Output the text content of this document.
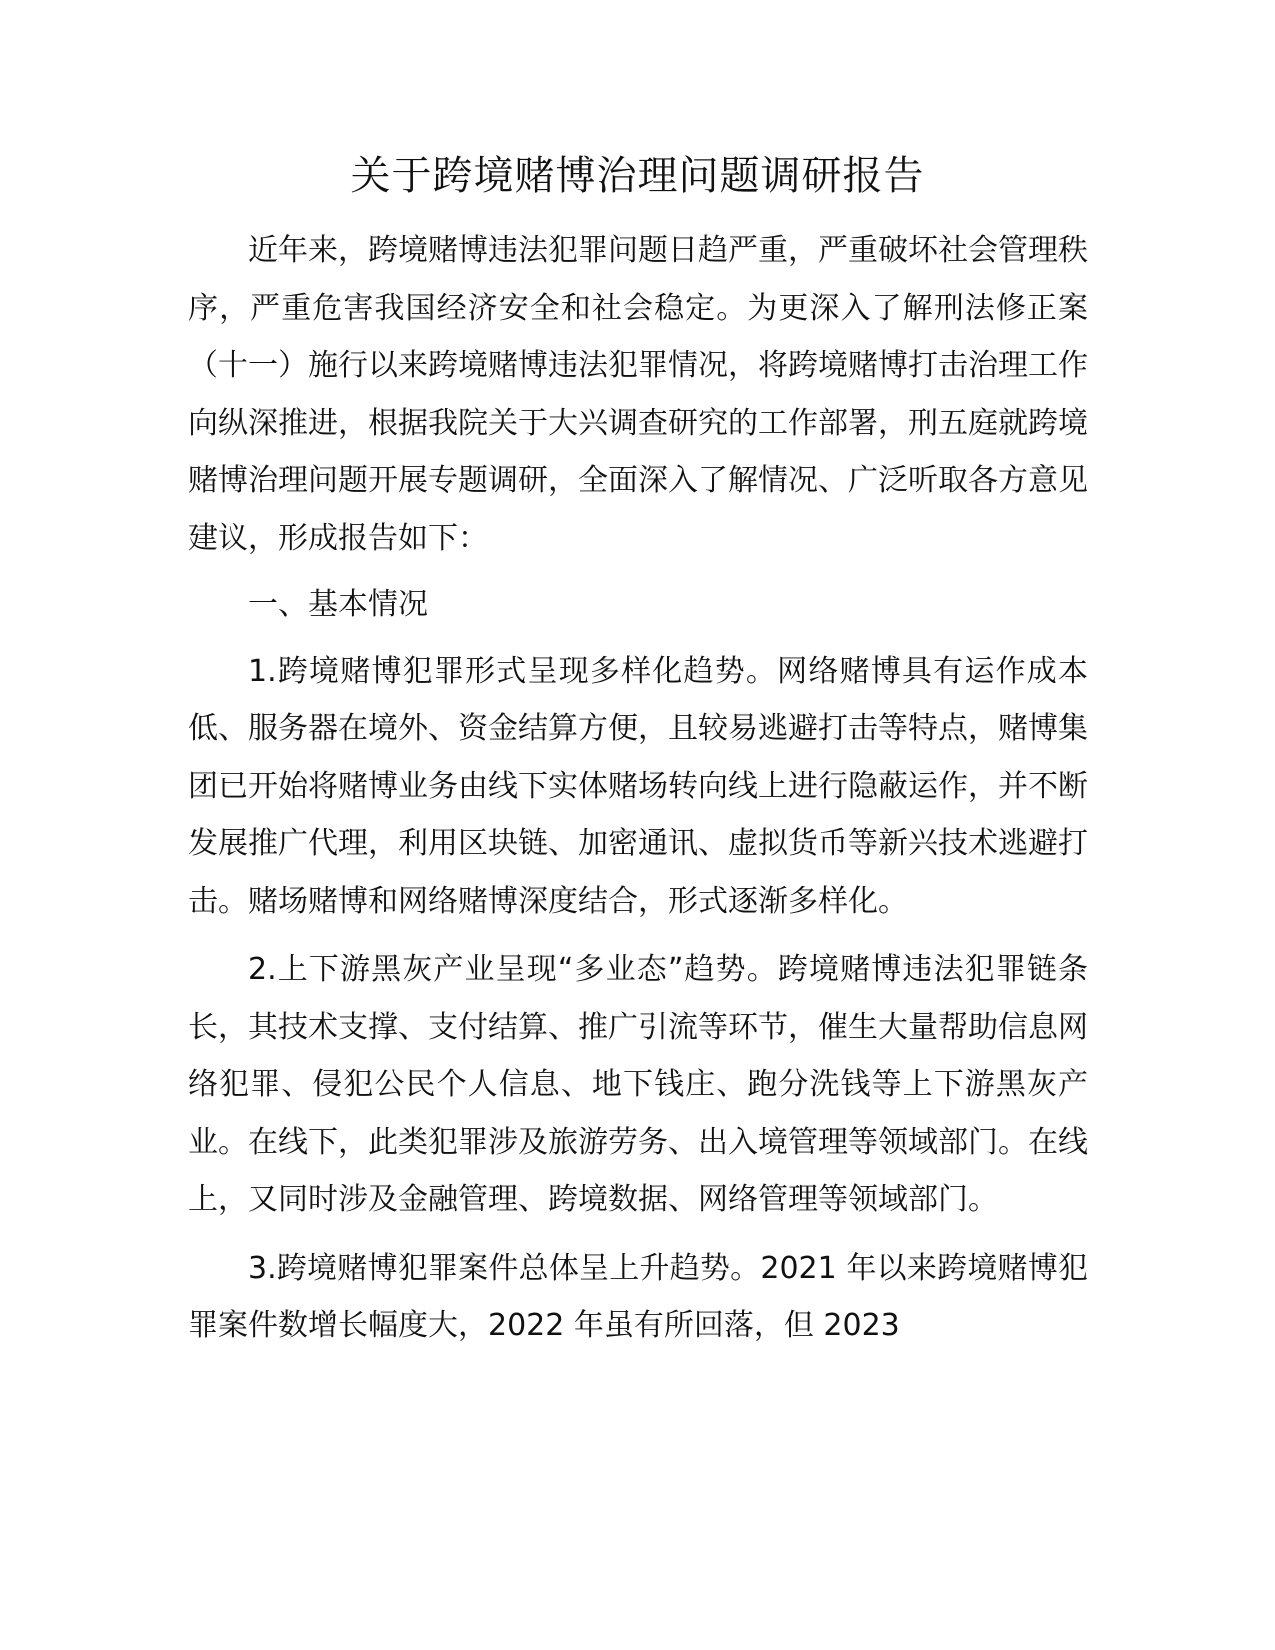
关于跨境赌博治理问题调研报告

近年来，跨境赌博违法犯罪问题日趋严重，严重破坏社会管理秩序，严重危害我国经济安全和社会稳定。为更深入了解刑法修正案（十一）施行以来跨境赌博违法犯罪情况，将跨境赌博打击治理工作向纵深推进，根据我院关于大兴调查研究的工作部署，刑五庭就跨境赌博治理问题开展专题调研，全面深入了解情况、广泛听取各方意见建议，形成报告如下：

一、基本情况

1.跨境赌博犯罪形式呈现多样化趋势。网络赌博具有运作成本低、服务器在境外、资金结算方便，且较易逃避打击等特点，赌博集团已开始将赌博业务由线下实体赌场转向线上进行隐蔽运作，并不断发展推广代理，利用区块链、加密通讯、虚拟货币等新兴技术逃避打击。赌场赌博和网络赌博深度结合，形式逐渐多样化。

2.上下游黑灰产业呈现“多业态”趋势。跨境赌博违法犯罪链条长，其技术支撑、支付结算、推广引流等环节，催生大量帮助信息网络犯罪、侵犯公民个人信息、地下钱庄、跑分洗钱等上下游黑灰产业。在线下，此类犯罪涉及旅游劳务、出入境管理等领域部门。在线上，又同时涉及金融管理、跨境数据、网络管理等领域部门。

3.跨境赌博犯罪案件总体呈上升趋势。2021 年以来跨境赌博犯罪案件数增长幅度大，2022 年虽有所回落，但 2023
